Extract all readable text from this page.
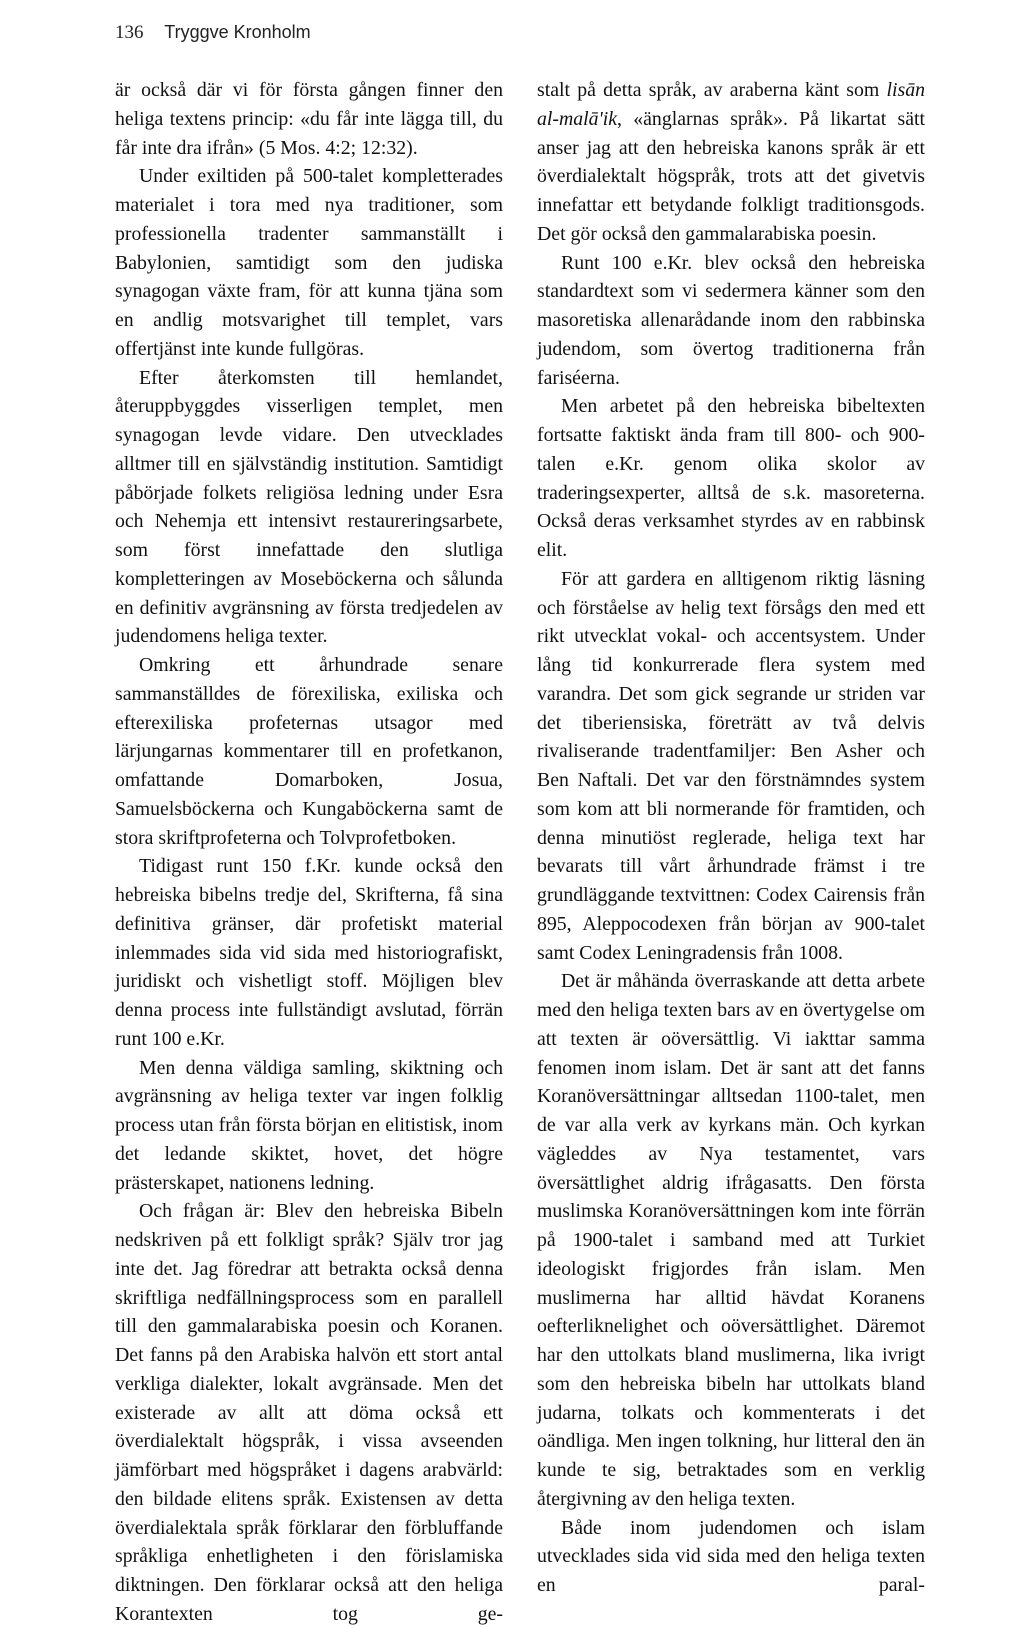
136 Tryggve Kronholm

är också där vi för första gången finner den heliga textens princip: «du får inte lägga till, du får inte dra ifrån» (5 Mos. 4:2; 12:32).

Under exiltiden på 500-talet kompletterades materialet i tora med nya traditioner, som professionella tradenter sammanställt i Babylonien, samtidigt som den judiska synagogan växte fram, för att kunna tjäna som en andlig motsvarighet till templet, vars offertjänst inte kunde fullgöras.

Efter återkomsten till hemlandet, återuppbyggdes visserligen templet, men synagogan levde vidare. Den utvecklades alltmer till en självständig institution. Samtidigt påbörjade folkets religiösa ledning under Esra och Nehemja ett intensivt restaureringsarbete, som först innefattade den slutliga kompletteringen av Moseböckerna och sålunda en definitiv avgränsning av första tredjedelen av judendomens heliga texter.

Omkring ett århundrade senare sammanställdes de förexiliska, exiliska och efterexiliska profeternas utsagor med lärjungarnas kommentarer till en profetkanon, omfattande Domarboken, Josua, Samuelsböckerna och Kungaböckerna samt de stora skriftprofeterna och Tolvprofetboken.

Tidigast runt 150 f.Kr. kunde också den hebreiska bibelns tredje del, Skrifterna, få sina definitiva gränser, där profetiskt material inlemmades sida vid sida med historiografiskt, juridiskt och vishetligt stoff. Möjligen blev denna process inte fullständigt avslutad, förrän runt 100 e.Kr.

Men denna väldiga samling, skiktning och avgränsning av heliga texter var ingen folklig process utan från första början en elitistisk, inom det ledande skiktet, hovet, det högre prästerskapet, nationens ledning.

Och frågan är: Blev den hebreiska Bibeln nedskriven på ett folkligt språk? Själv tror jag inte det. Jag föredrar att betrakta också denna skriftliga nedfällningsprocess som en parallell till den gammalarabiska poesin och Koranen. Det fanns på den Arabiska halvön ett stort antal verkliga dialekter, lokalt avgränsade. Men det existerade av allt att döma också ett överdialektalt högspråk, i vissa avseenden jämförbart med högspråket i dagens arabvärld: den bildade elitens språk. Existensen av detta överdialektala språk förklarar den förbluffande språkliga enhetligheten i den förislamiska diktningen. Den förklarar också att den heliga Korantexten tog ge-

stalt på detta språk, av araberna känt som lisān al-malā'ik, «änglarnas språk». På likartat sätt anser jag att den hebreiska kanons språk är ett överdialektalt högspråk, trots att det givetvis innefattar ett betydande folkligt traditionsgods. Det gör också den gammalarabiska poesin.

Runt 100 e.Kr. blev också den hebreiska standardtext som vi sedermera känner som den masoretiska allenarådande inom den rabbinska judendom, som övertog traditionerna från fariséerna.

Men arbetet på den hebreiska bibeltexten fortsatte faktiskt ända fram till 800- och 900-talen e.Kr. genom olika skolor av traderingsexperter, alltså de s.k. masoreterna. Också deras verksamhet styrdes av en rabbinsk elit.

För att gardera en alltigenom riktig läsning och förståelse av helig text försågs den med ett rikt utvecklat vokal- och accentsystem. Under lång tid konkurrerade flera system med varandra. Det som gick segrande ur striden var det tiberiensiska, företrätt av två delvis rivaliserande tradentfamiljer: Ben Asher och Ben Naftali. Det var den förstnämndes system som kom att bli normerande för framtiden, och denna minutiöst reglerade, heliga text har bevarats till vårt århundrade främst i tre grundläggande textvittnen: Codex Cairensis från 895, Aleppocodexen från början av 900-talet samt Codex Leningradensis från 1008.

Det är måhända överraskande att detta arbete med den heliga texten bars av en övertygelse om att texten är oöversättlig. Vi iakttar samma fenomen inom islam. Det är sant att det fanns Koranöversättningar alltsedan 1100-talet, men de var alla verk av kyrkans män. Och kyrkan vägleddes av Nya testamentet, vars översättlighet aldrig ifrågasatts. Den första muslimska Koranöversättningen kom inte förrän på 1900-talet i samband med att Turkiet ideologiskt frigjordes från islam. Men muslimerna har alltid hävdat Koranens oefterliknelighet och oöversättlighet. Däremot har den uttolkats bland muslimerna, lika ivrigt som den hebreiska bibeln har uttolkats bland judarna, tolkats och kommenterats i det oändliga. Men ingen tolkning, hur litteral den än kunde te sig, betraktades som en verklig återgivning av den heliga texten.

Både inom judendomen och islam utvecklades sida vid sida med den heliga texten en paral-
